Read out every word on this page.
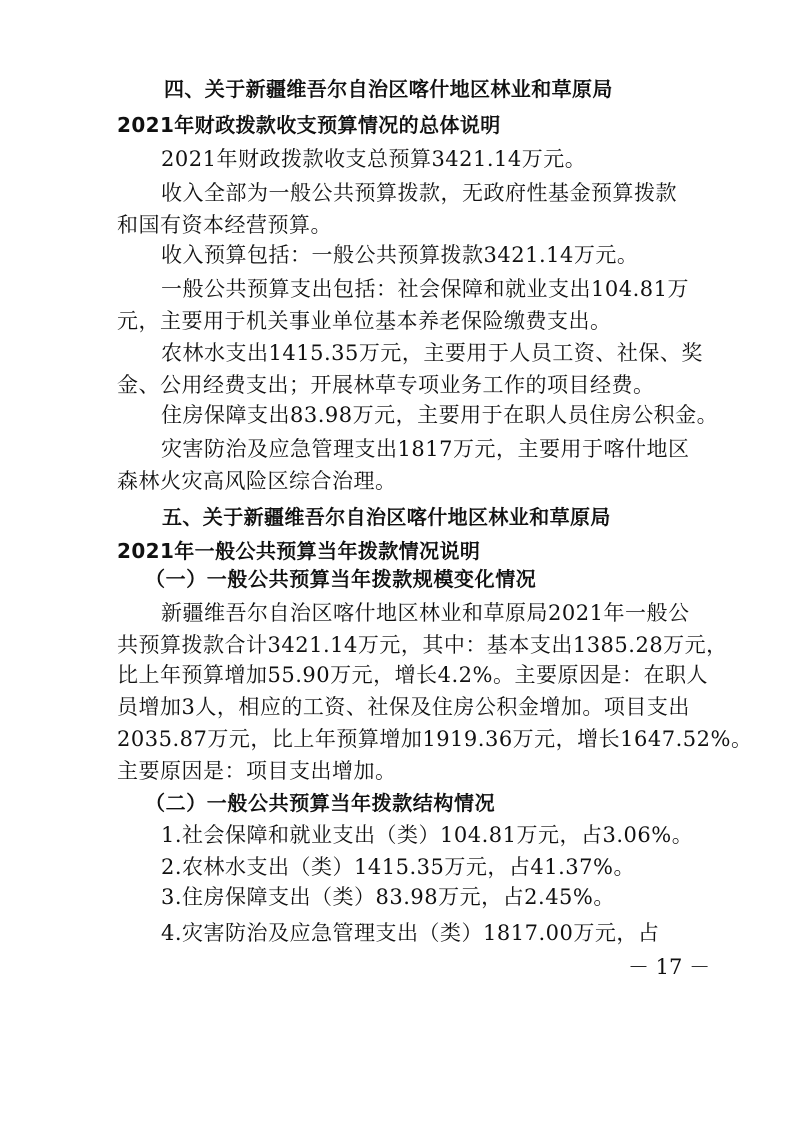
四、关于新疆维吾尔自治区喀什地区林业和草原局
2021年财政拨款收支预算情况的总体说明
2021年财政拨款收支总预算3421.14万元。
收入全部为一般公共预算拨款，无政府性基金预算拨款
和国有资本经营预算。
收入预算包括：一般公共预算拨款3421.14万元。
一般公共预算支出包括：社会保障和就业支出104.81万
元，主要用于机关事业单位基本养老保险缴费支出。
农林水支出1415.35万元，主要用于人员工资、社保、奖
金、公用经费支出；开展林草专项业务工作的项目经费。
住房保障支出83.98万元，主要用于在职人员住房公积金。
灾害防治及应急管理支出1817万元，主要用于喀什地区
森林火灾高风险区综合治理。
五、关于新疆维吾尔自治区喀什地区林业和草原局
2021年一般公共预算当年拨款情况说明
（一）一般公共预算当年拨款规模变化情况
新疆维吾尔自治区喀什地区林业和草原局2021年一般公
共预算拨款合计3421.14万元，其中：基本支出1385.28万元，
比上年预算增加55.90万元，增长4.2%。主要原因是：在职人
员增加3人，相应的工资、社保及住房公积金增加。项目支出
2035.87万元，比上年预算增加1919.36万元，增长1647.52%。
主要原因是：项目支出增加。
（二）一般公共预算当年拨款结构情况
1.社会保障和就业支出（类）104.81万元，占3.06%。
2.农林水支出（类）1415.35万元，占41.37%。
3.住房保障支出（类）83.98万元，占2.45%。
4.灾害防治及应急管理支出（类）1817.00万元，占
－ 17 －
